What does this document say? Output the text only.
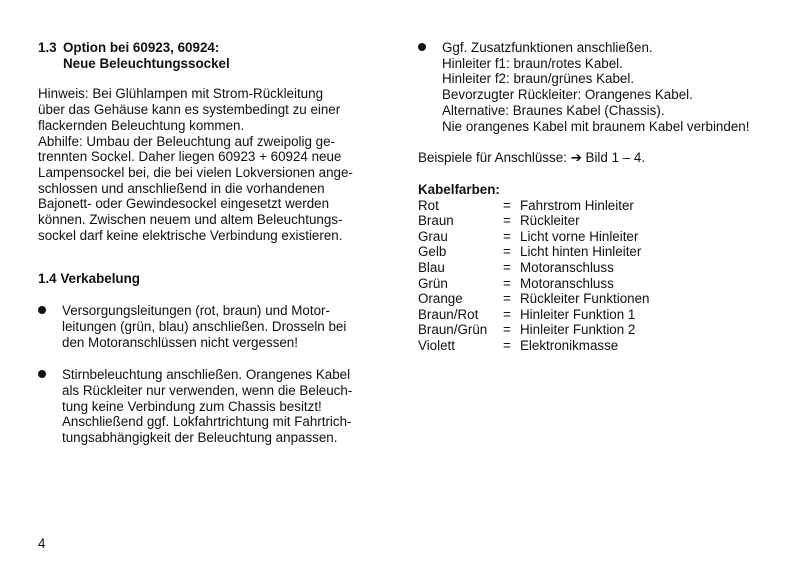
1.3 Option bei 60923, 60924:
Neue Beleuchtungssockel
Hinweis: Bei Glühlampen mit Strom-Rückleitung
über das Gehäuse kann es systembedingt zu einer
flackernden Beleuchtung kommen.
Abhilfe: Umbau der Beleuchtung auf zweipolig ge-
trennten Sockel. Daher liegen 60923 + 60924 neue
Lampensockel bei, die bei vielen Lokversionen ange-
schlossen und anschließend in die vorhandenen
Bajonett- oder Gewindesockel eingesetzt werden
können. Zwischen neuem und altem Beleuchtungs-
sockel darf keine elektrische Verbindung existieren.
1.4 Verkabelung
Versorgungsleitungen (rot, braun) und Motor-
leitungen (grün, blau) anschließen. Drosseln bei
den Motoranschlüssen nicht vergessen!
Stirnbeleuchtung anschließen. Orangenes Kabel
als Rückleiter nur verwenden, wenn die Beleuch-
tung keine Verbindung zum Chassis besitzt!
Anschließend ggf. Lokfahrtrichtung mit Fahrtrich-
tungsabhängigkeit der Beleuchtung anpassen.
Ggf. Zusatzfunktionen anschließen.
Hinleiter f1: braun/rotes Kabel.
Hinleiter f2: braun/grünes Kabel.
Bevorzugter Rückleiter: Orangenes Kabel.
Alternative: Braunes Kabel (Chassis).
Nie orangenes Kabel mit braunem Kabel verbinden!
Beispiele für Anschlüsse: ➔ Bild 1 – 4.
Kabelfarben:
Rot	=	Fahrstrom Hinleiter
Braun	=	Rückleiter
Grau	=	Licht vorne Hinleiter
Gelb	=	Licht hinten Hinleiter
Blau	=	Motoranschluss
Grün	=	Motoranschluss
Orange	=	Rückleiter Funktionen
Braun/Rot	=	Hinleiter Funktion 1
Braun/Grün	=	Hinleiter Funktion 2
Violett	=	Elektronikmasse
4
